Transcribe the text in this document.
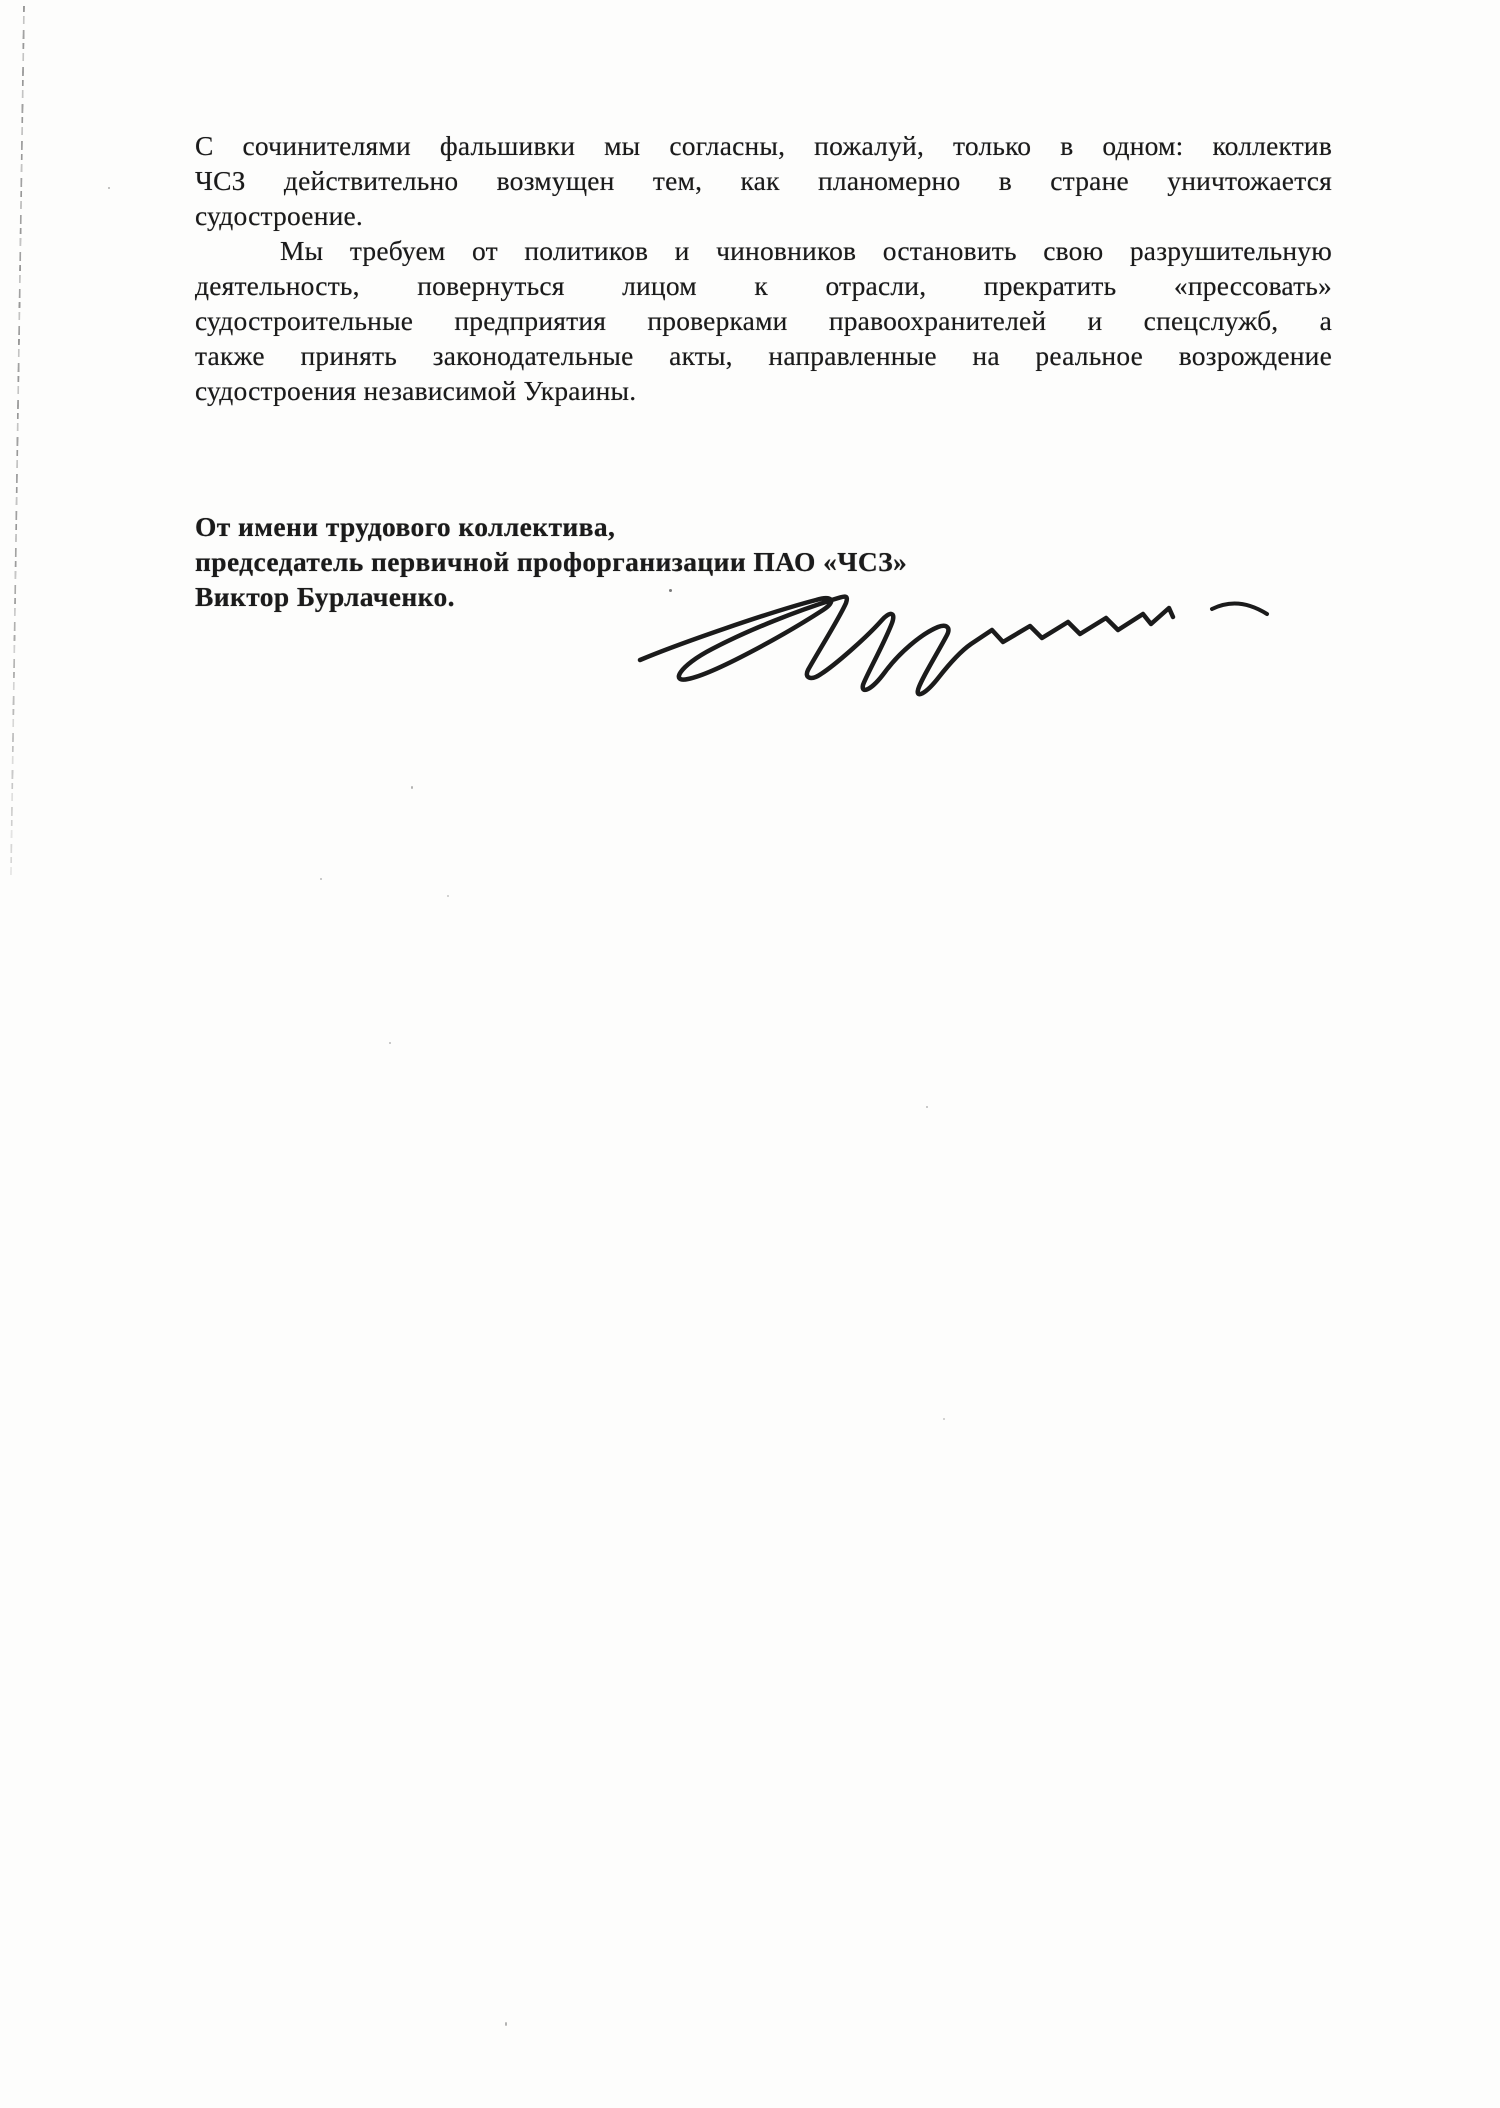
С сочинителями фальшивки мы согласны, пожалуй, только в одном: коллектив
ЧСЗ действительно возмущен тем, как планомерно в стране уничтожается
судостроение.
Мы требуем от политиков и чиновников остановить свою разрушительную
деятельность, повернуться лицом к отрасли, прекратить «прессовать»
судостроительные предприятия проверками правоохранителей и спецслужб, а
также принять законодательные акты, направленные на реальное возрождение
судостроения независимой Украины.
От имени трудового коллектива,
председатель первичной профорганизации ПАО «ЧСЗ»
Виктор Бурлаченко.
